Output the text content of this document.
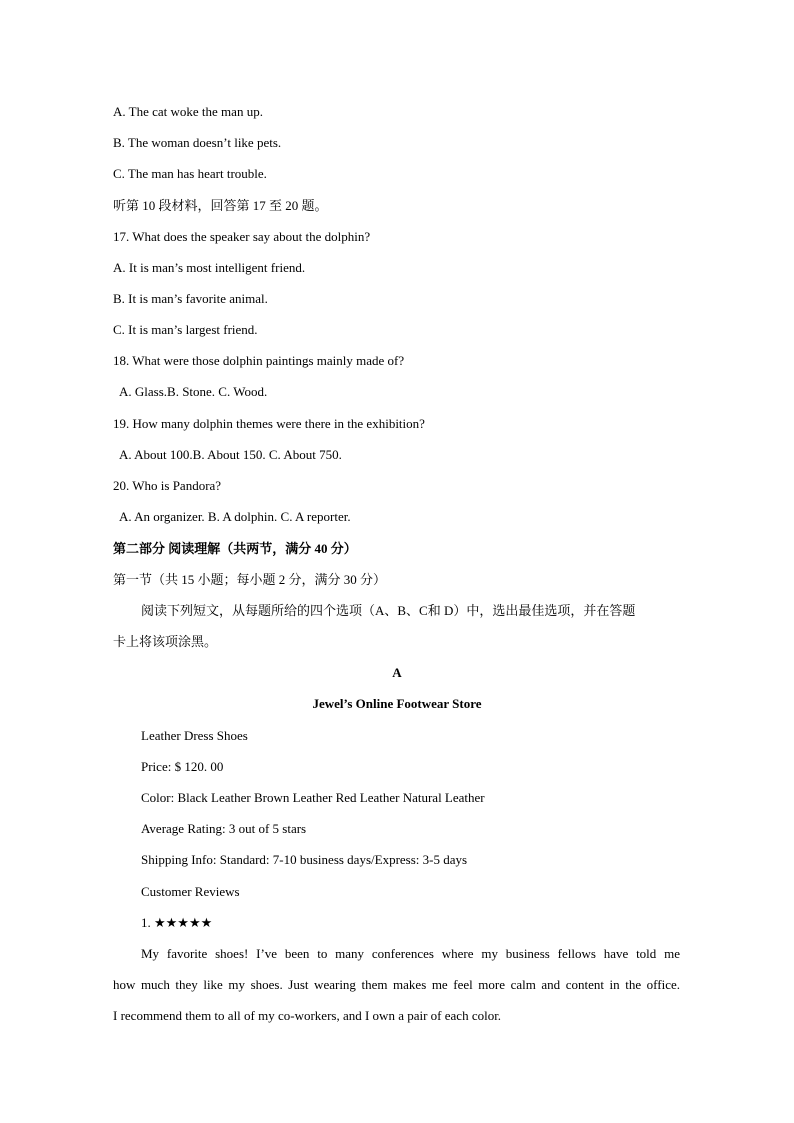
A. The cat woke the man up.
B. The woman doesn’t like pets.
C. The man has heart trouble.
听第 10 段材料，回答第 17 至 20 题。
17. What does the speaker say about the dolphin?
A. It is man’s most intelligent friend.
B. It is man’s favorite animal.
C. It is man’s largest friend.
18. What were those dolphin paintings mainly made of?
A. Glass.B. Stone. C. Wood.
19. How many dolphin themes were there in the exhibition?
A. About 100.B. About 150. C. About 750.
20. Who is Pandora?
A. An organizer. B. A dolphin. C. A reporter.
第二部分 阅读理解（共两节，满分 40 分）
第一节（共 15 小题；每小题 2 分，满分 30 分）
阅读下列短文，从每题所给的四个选项（A、B、C和 D）中，选出最佳选项，并在答题
卡上将该项涂黑。
A
Jewel’s Online Footwear Store
Leather Dress Shoes
Price: $ 120. 00
Color: Black Leather Brown Leather Red Leather Natural Leather
Average Rating: 3 out of 5 stars
Shipping Info: Standard: 7-10 business days/Express: 3-5 days
Customer Reviews
1. ★★★★★
My favorite shoes! I’ve been to many conferences where my business fellows have told me
how much they like my shoes. Just wearing them makes me feel more calm and content in the office.
I recommend them to all of my co-workers, and I own a pair of each color.
